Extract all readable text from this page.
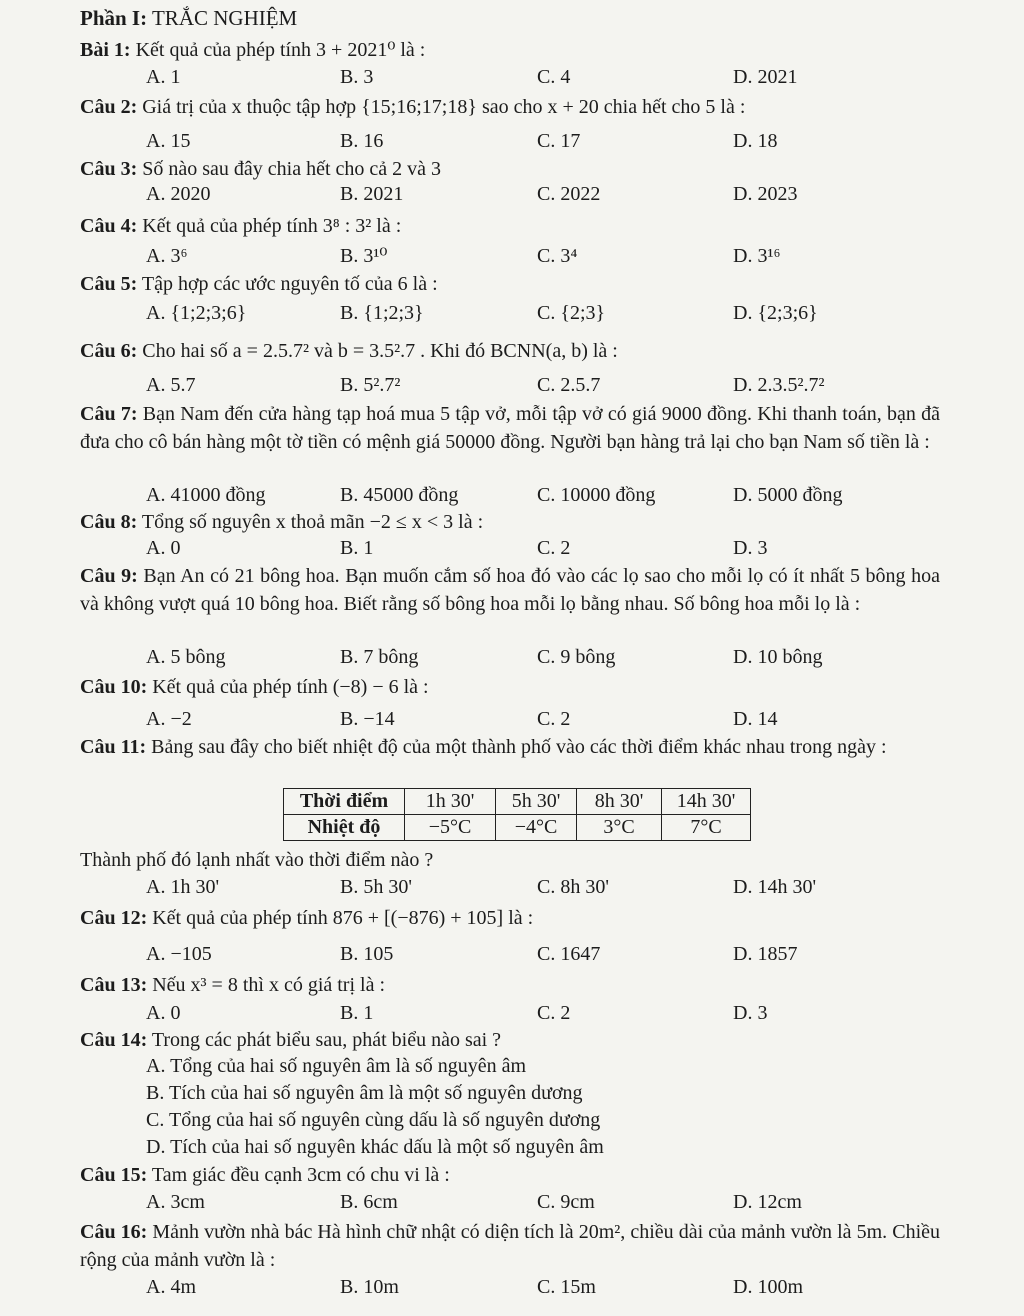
Phần I: TRẮC NGHIỆM
Bài 1: Kết quả của phép tính 3 + 2021⁰ là :
A. 1	B. 3	C. 4	D. 2021
Câu 2: Giá trị của x thuộc tập hợp {15;16;17;18} sao cho x + 20 chia hết cho 5 là :
A. 15	B. 16	C. 17	D. 18
Câu 3: Số nào sau đây chia hết cho cả 2 và 3
A. 2020	B. 2021	C. 2022	D. 2023
Câu 4: Kết quả của phép tính 3⁸ : 3² là :
A. 3⁶	B. 3¹⁰	C. 3⁴	D. 3¹⁶
Câu 5: Tập hợp các ước nguyên tố của 6 là :
A. {1;2;3;6}	B. {1;2;3}	C. {2;3}	D. {2;3;6}
Câu 6: Cho hai số a = 2.5.7² và b = 3.5².7 . Khi đó BCNN(a, b) là :
A. 5.7	B. 5².7²	C. 2.5.7	D. 2.3.5².7²
Câu 7: Bạn Nam đến cửa hàng tạp hoá mua 5 tập vở, mỗi tập vở có giá 9000 đồng. Khi thanh toán, bạn đã đưa cho cô bán hàng một tờ tiền có mệnh giá 50000 đồng. Người bạn hàng trả lại cho bạn Nam số tiền là :
A. 41000 đồng	B. 45000 đồng	C. 10000 đồng	D. 5000 đồng
Câu 8: Tổng số nguyên x thoả mãn −2 ≤ x < 3 là :
A. 0	B. 1	C. 2	D. 3
Câu 9: Bạn An có 21 bông hoa. Bạn muốn cắm số hoa đó vào các lọ sao cho mỗi lọ có ít nhất 5 bông hoa và không vượt quá 10 bông hoa. Biết rằng số bông hoa mỗi lọ bằng nhau. Số bông hoa mỗi lọ là :
A. 5 bông	B. 7 bông	C. 9 bông	D. 10 bông
Câu 10: Kết quả của phép tính (−8) − 6 là :
A. −2	B. −14	C. 2	D. 14
Câu 11: Bảng sau đây cho biết nhiệt độ của một thành phố vào các thời điểm khác nhau trong ngày :
Thời điểm	1h 30'	5h 30'	8h 30'	14h 30'
Nhiệt độ	−5°C	−4°C	3°C	7°C
Thành phố đó lạnh nhất vào thời điểm nào ?
A. 1h 30'	B. 5h 30'	C. 8h 30'	D. 14h 30'
Câu 12: Kết quả của phép tính 876 + [(−876) + 105] là :
A. −105	B. 105	C. 1647	D. 1857
Câu 13: Nếu x³ = 8 thì x có giá trị là :
A. 0	B. 1	C. 2	D. 3
Câu 14: Trong các phát biểu sau, phát biểu nào sai ?
A. Tổng của hai số nguyên âm là số nguyên âm
B. Tích của hai số nguyên âm là một số nguyên dương
C. Tổng của hai số nguyên cùng dấu là số nguyên dương
D. Tích của hai số nguyên khác dấu là một số nguyên âm
Câu 15: Tam giác đều cạnh 3cm có chu vi là :
A. 3cm	B. 6cm	C. 9cm	D. 12cm
Câu 16: Mảnh vườn nhà bác Hà hình chữ nhật có diện tích là 20m², chiều dài của mảnh vườn là 5m. Chiều rộng của mảnh vườn là :
A. 4m	B. 10m	C. 15m	D. 100m
